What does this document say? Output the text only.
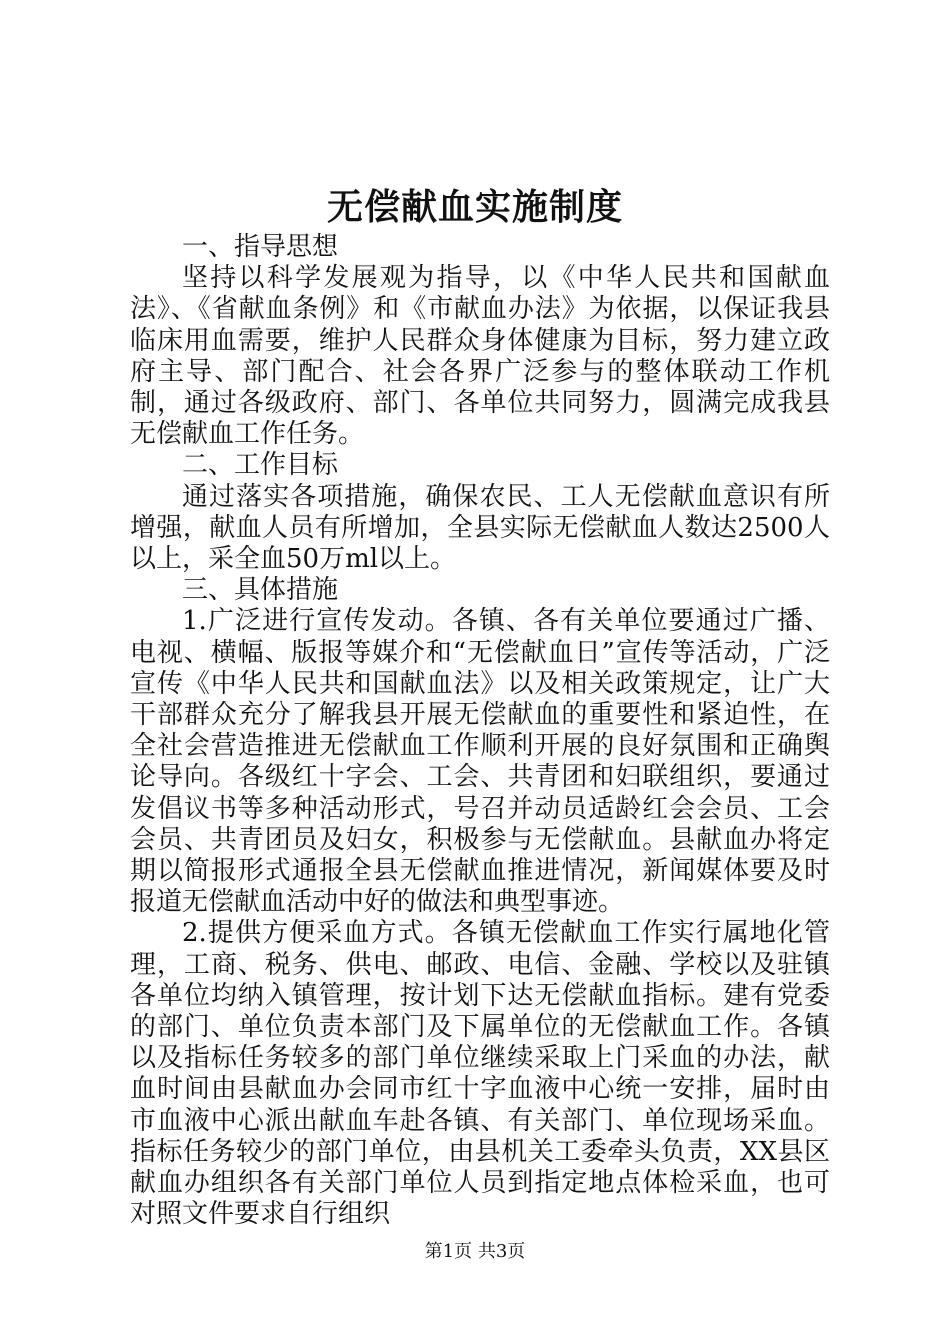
无偿献血实施制度

一、指导思想

坚持以科学发展观为指导，以《中华人民共和国献血法》、《省献血条例》和《市献血办法》为依据，以保证我县临床用血需要，维护人民群众身体健康为目标，努力建立政府主导、部门配合、社会各界广泛参与的整体联动工作机制，通过各级政府、部门、各单位共同努力，圆满完成我县无偿献血工作任务。

二、工作目标

通过落实各项措施，确保农民、工人无偿献血意识有所增强，献血人员有所增加，全县实际无偿献血人数达2500人以上，采全血50万ml以上。

三、具体措施

1.广泛进行宣传发动。各镇、各有关单位要通过广播、电视、横幅、版报等媒介和“无偿献血日”宣传等活动，广泛宣传《中华人民共和国献血法》以及相关政策规定，让广大干部群众充分了解我县开展无偿献血的重要性和紧迫性，在全社会营造推进无偿献血工作顺利开展的良好氛围和正确舆论导向。各级红十字会、工会、共青团和妇联组织，要通过发倡议书等多种活动形式，号召并动员适龄红会会员、工会会员、共青团员及妇女，积极参与无偿献血。县献血办将定期以简报形式通报全县无偿献血推进情况，新闻媒体要及时报道无偿献血活动中好的做法和典型事迹。

2.提供方便采血方式。各镇无偿献血工作实行属地化管理，工商、税务、供电、邮政、电信、金融、学校以及驻镇各单位均纳入镇管理，按计划下达无偿献血指标。建有党委的部门、单位负责本部门及下属单位的无偿献血工作。各镇以及指标任务较多的部门单位继续采取上门采血的办法，献血时间由县献血办会同市红十字血液中心统一安排，届时由市血液中心派出献血车赴各镇、有关部门、单位现场采血。指标任务较少的部门单位，由县机关工委牵头负责，XX县区献血办组织各有关部门单位人员到指定地点体检采血，也可对照文件要求自行组织

第1页 共3页
